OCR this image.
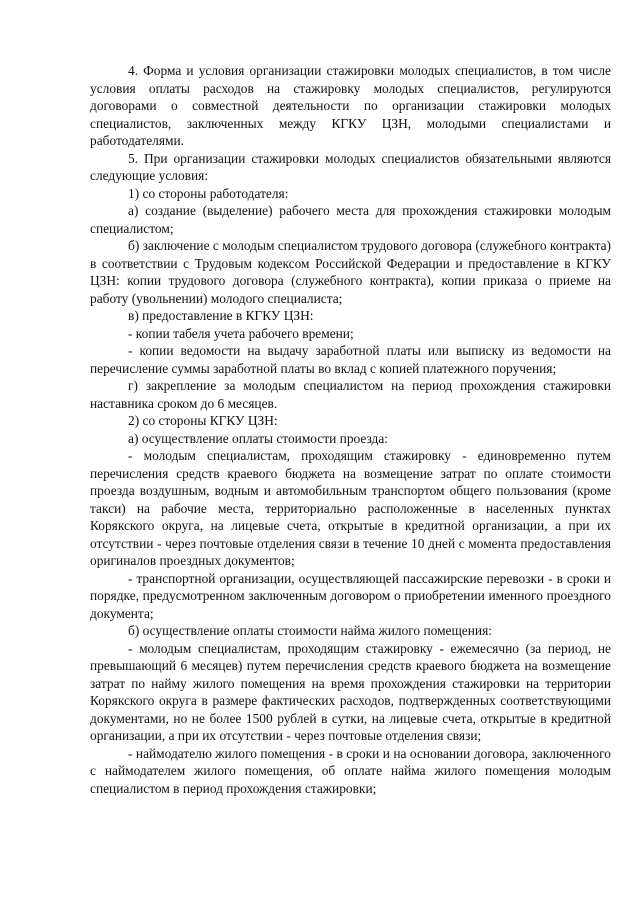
4. Форма и условия организации стажировки молодых специалистов, в том числе условия оплаты расходов на стажировку молодых специалистов, регулируются договорами о совместной деятельности по организации стажировки молодых специалистов, заключенных между КГКУ ЦЗН, молодыми специалистами и работодателями.

5. При организации стажировки молодых специалистов обязательными являются следующие условия:

1) со стороны работодателя:

а) создание (выделение) рабочего места для прохождения стажировки молодым специалистом;

б) заключение с молодым специалистом трудового договора (служебного контракта) в соответствии с Трудовым кодексом Российской Федерации и предоставление в КГКУ ЦЗН: копии трудового договора (служебного контракта), копии приказа о приеме на работу (увольнении) молодого специалиста;

в) предоставление в КГКУ ЦЗН:

- копии табеля учета рабочего времени;

- копии ведомости на выдачу заработной платы или выписку из ведомости на перечисление суммы заработной платы во вклад с копией платежного поручения;

г) закрепление за молодым специалистом на период прохождения стажировки наставника сроком до 6 месяцев.

2) со стороны КГКУ ЦЗН:

а) осуществление оплаты стоимости проезда:

- молодым специалистам, проходящим стажировку - единовременно путем перечисления средств краевого бюджета на возмещение затрат по оплате стоимости проезда воздушным, водным и автомобильным транспортом общего пользования (кроме такси) на рабочие места, территориально расположенные в населенных пунктах Корякского округа, на лицевые счета, открытые в кредитной организации, а при их отсутствии - через почтовые отделения связи в течение 10 дней с момента предоставления оригиналов проездных документов;

- транспортной организации, осуществляющей пассажирские перевозки - в сроки и порядке, предусмотренном заключенным договором о приобретении именного проездного документа;

б) осуществление оплаты стоимости найма жилого помещения:

- молодым специалистам, проходящим стажировку - ежемесячно (за период, не превышающий 6 месяцев) путем перечисления средств краевого бюджета на возмещение затрат по найму жилого помещения на время прохождения стажировки на территории Корякского округа в размере фактических расходов, подтвержденных соответствующими документами, но не более 1500 рублей в сутки, на лицевые счета, открытые в кредитной организации, а при их отсутствии - через почтовые отделения связи;

- наймодателю жилого помещения - в сроки и на основании договора, заключенного с наймодателем жилого помещения, об оплате найма жилого помещения молодым специалистом в период прохождения стажировки;
